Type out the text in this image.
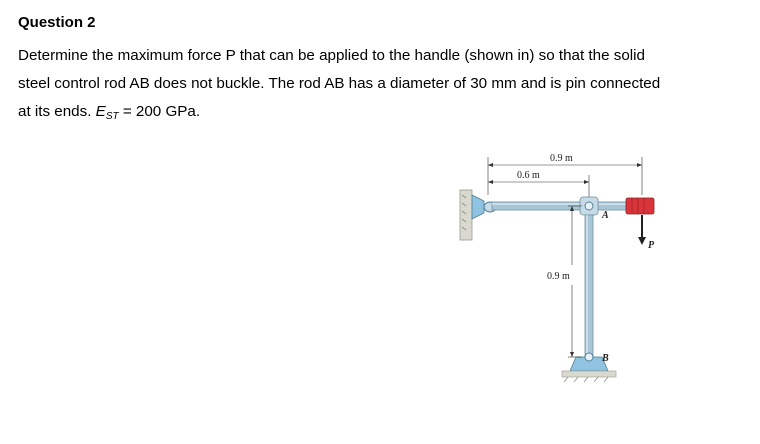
Question 2

Determine the maximum force P that can be applied to the handle (shown in) so that the solid
steel control rod AB does not buckle. The rod AB has a diameter of 30 mm and is pin connected
at its ends. $E_{ST} = 200$ GPa.

P
A
B
0.9 m
0.6 m
0.9 m
